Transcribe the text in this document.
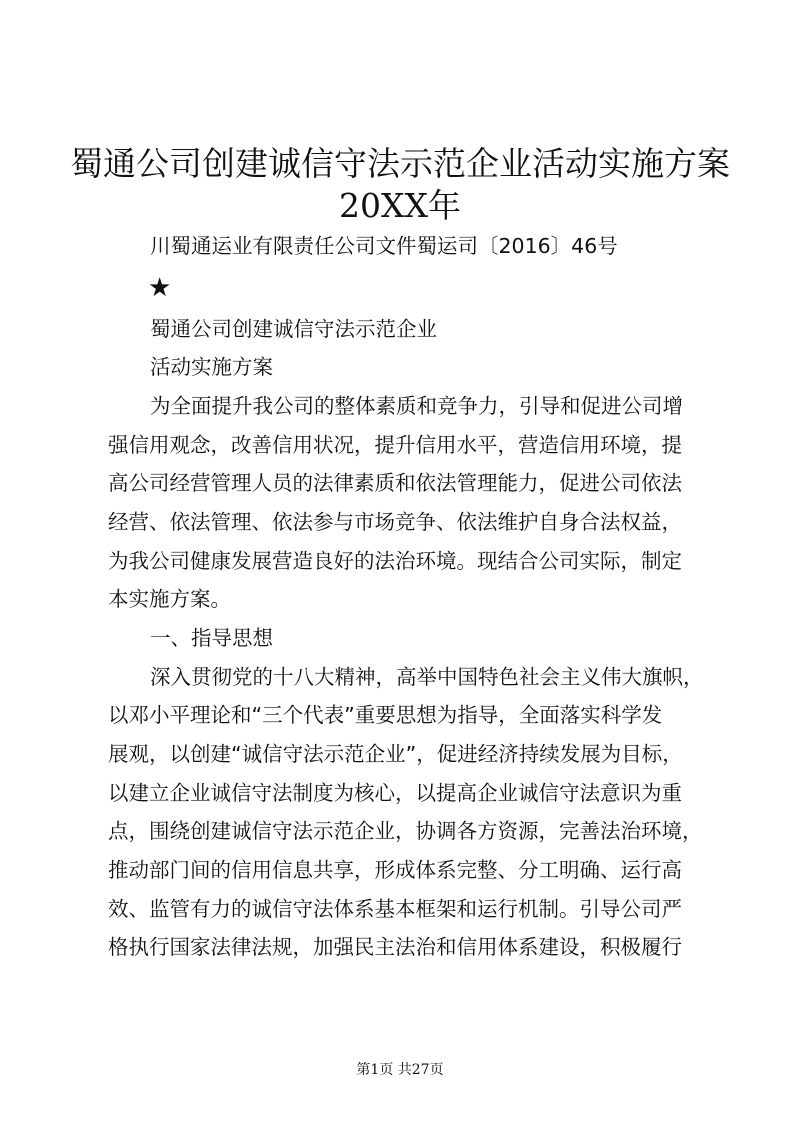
蜀通公司创建诚信守法示范企业活动实施方案
20XX年

川蜀通运业有限责任公司文件蜀运司〔2016〕46号

★

蜀通公司创建诚信守法示范企业

活动实施方案

为全面提升我公司的整体素质和竞争力，引导和促进公司增

强信用观念，改善信用状况，提升信用水平，营造信用环境，提

高公司经营管理人员的法律素质和依法管理能力，促进公司依法

经营、依法管理、依法参与市场竞争、依法维护自身合法权益，

为我公司健康发展营造良好的法治环境。现结合公司实际，制定

本实施方案。

一、指导思想

深入贯彻党的十八大精神，高举中国特色社会主义伟大旗帜，

以邓小平理论和“三个代表”重要思想为指导，全面落实科学发

展观，以创建“诚信守法示范企业”，促进经济持续发展为目标，

以建立企业诚信守法制度为核心，以提高企业诚信守法意识为重

点，围绕创建诚信守法示范企业，协调各方资源，完善法治环境，

推动部门间的信用信息共享，形成体系完整、分工明确、运行高

效、监管有力的诚信守法体系基本框架和运行机制。引导公司严

格执行国家法律法规，加强民主法治和信用体系建设，积极履行

第1页 共27页
